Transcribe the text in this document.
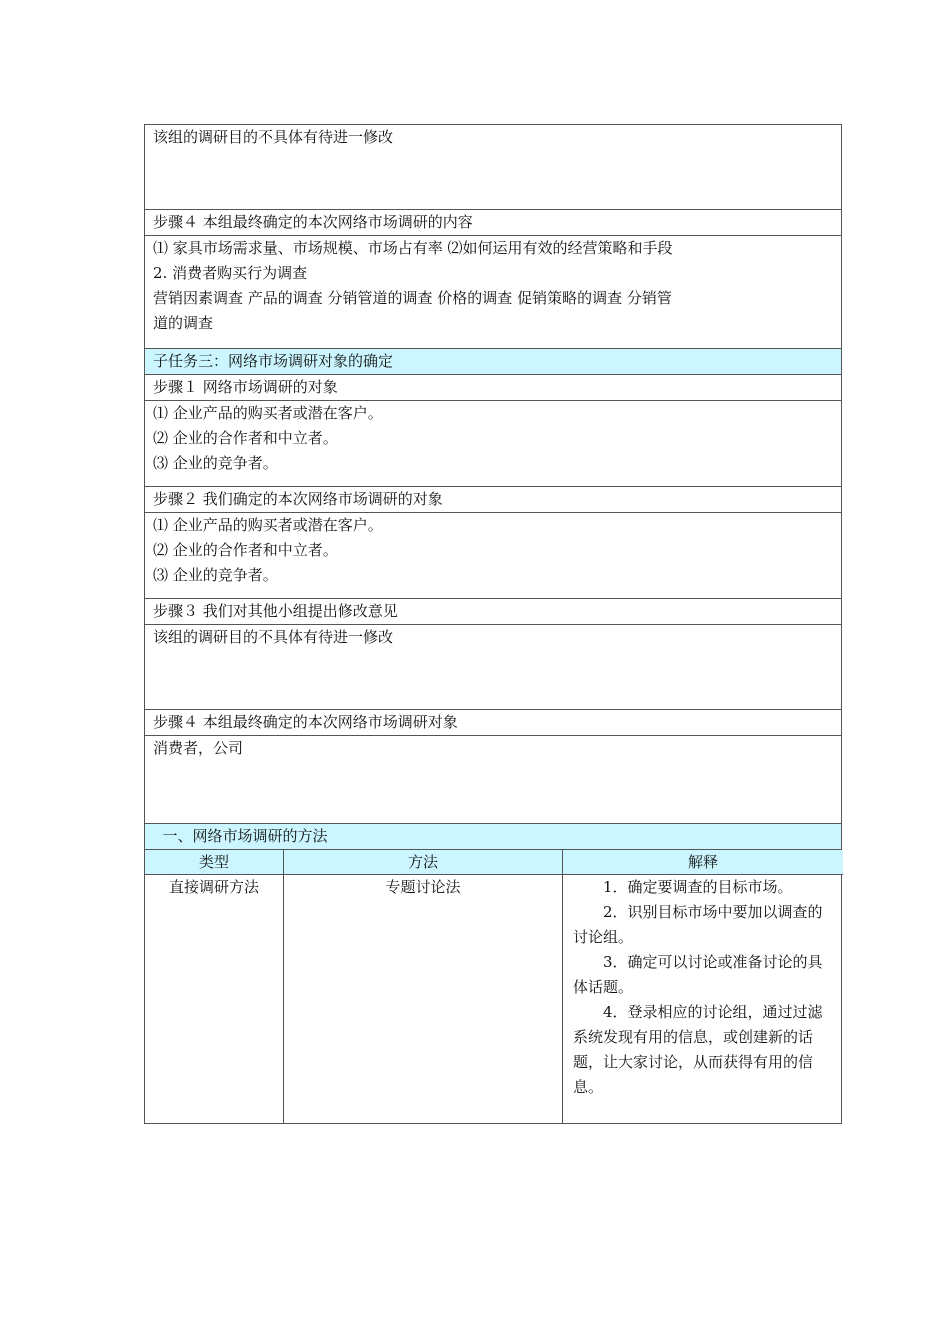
该组的调研目的不具体有待进一修改
步骤４ 本组最终确定的本次网络市场调研的内容
⑴ 家具市场需求量、市场规模、市场占有率 ⑵如何运用有效的经营策略和手段
2. 消费者购买行为调查
营销因素调查 产品的调查 分销管道的调查 价格的调查 促销策略的调查 分销管
道的调查
子任务三：网络市场调研对象的确定
步骤１ 网络市场调研的对象
⑴ 企业产品的购买者或潜在客户。
⑵ 企业的合作者和中立者。
⑶ 企业的竞争者。
步骤２ 我们确定的本次网络市场调研的对象
⑴ 企业产品的购买者或潜在客户。
⑵ 企业的合作者和中立者。
⑶ 企业的竞争者。
步骤３ 我们对其他小组提出修改意见
该组的调研目的不具体有待进一修改
步骤４ 本组最终确定的本次网络市场调研对象
消费者，公司
一、网络市场调研的方法
类型	方法	解释
直接调研方法	专题讨论法	1．确定要调查的目标市场。
2．识别目标市场中要加以调查的讨论组。
3．确定可以讨论或准备讨论的具体话题。
4．登录相应的讨论组，通过过滤系统发现有用的信息，或创建新的话题，让大家讨论，从而获得有用的信息。
